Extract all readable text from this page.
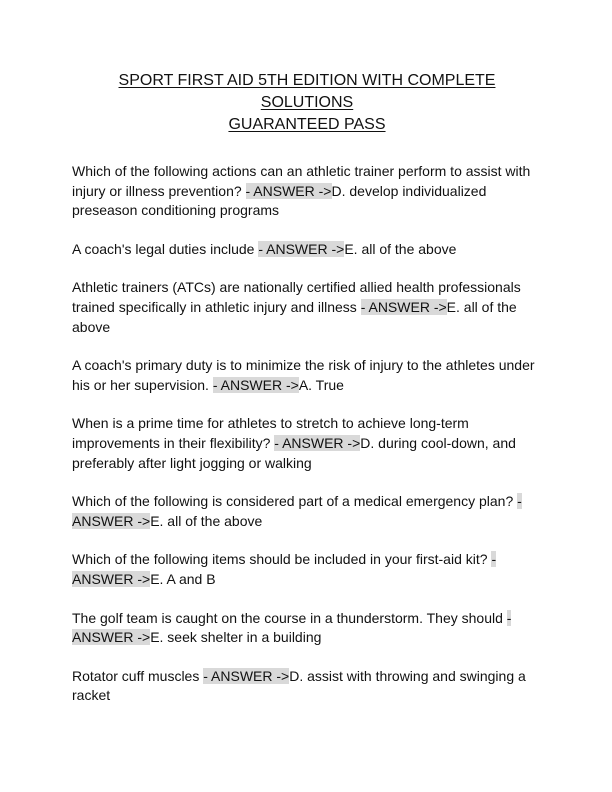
SPORT FIRST AID 5TH EDITION WITH COMPLETE SOLUTIONS
GUARANTEED PASS

Which of the following actions can an athletic trainer perform to assist with injury or illness prevention? - ANSWER ->D. develop individualized preseason conditioning programs

A coach's legal duties include - ANSWER ->E. all of the above

Athletic trainers (ATCs) are nationally certified allied health professionals trained specifically in athletic injury and illness - ANSWER ->E. all of the above

A coach's primary duty is to minimize the risk of injury to the athletes under his or her supervision. - ANSWER ->A. True

When is a prime time for athletes to stretch to achieve long-term improvements in their flexibility? - ANSWER ->D. during cool-down, and preferably after light jogging or walking

Which of the following is considered part of a medical emergency plan? - ANSWER ->E. all of the above

Which of the following items should be included in your first-aid kit? - ANSWER ->E. A and B

The golf team is caught on the course in a thunderstorm. They should - ANSWER ->E. seek shelter in a building

Rotator cuff muscles - ANSWER ->D. assist with throwing and swinging a racket
